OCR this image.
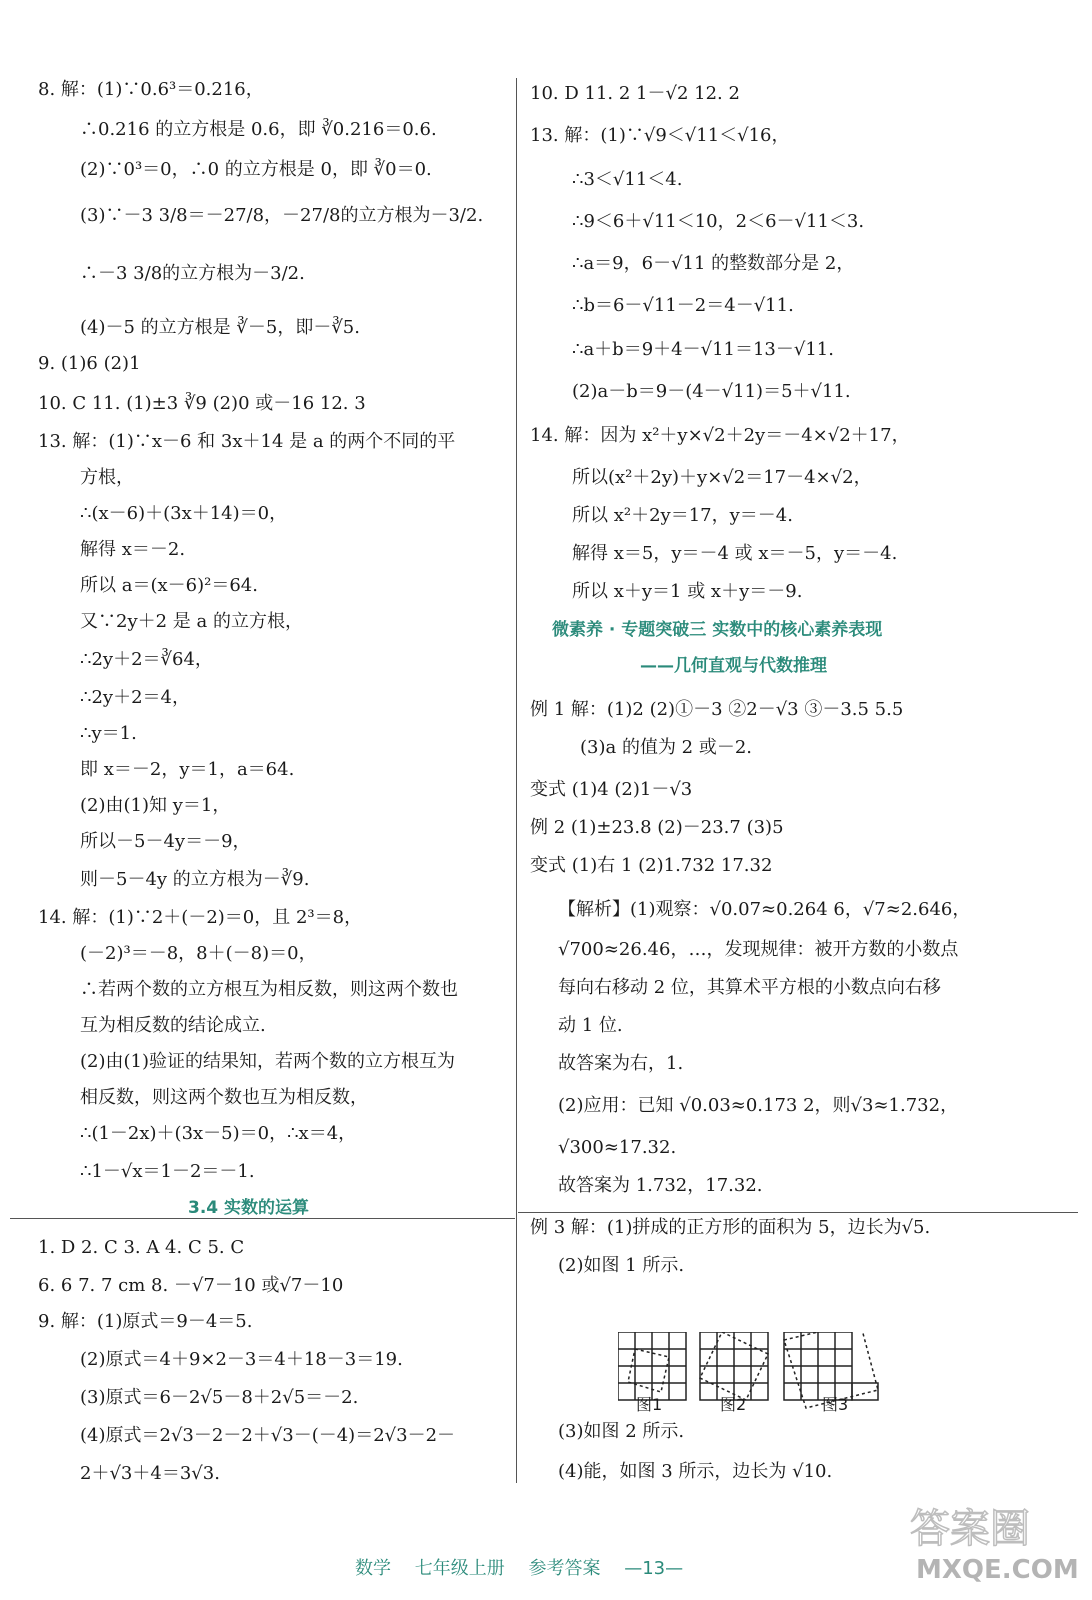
8. 解：(1)∵0.6³＝0.216，
∴0.216 的立方根是 0.6，即 ∛0.216＝0.6.
(2)∵0³＝0，∴0 的立方根是 0，即 ∛0＝0.
(3)∵－3 3/8＝－27/8，－27/8的立方根为－3/2.
∴－3 3/8的立方根为－3/2.
(4)－5 的立方根是 ∛－5，即－∛5.
9. (1)6 (2)1
10. C 11. (1)±3 ∛9 (2)0 或－16 12. 3
13. 解：(1)∵x－6 和 3x＋14 是 a 的两个不同的平
方根，
∴(x－6)＋(3x＋14)＝0，
解得 x＝－2.
所以 a＝(x－6)²＝64.
又∵2y＋2 是 a 的立方根，
∴2y＋2＝∛64，
∴2y＋2＝4，
∴y＝1.
即 x＝－2，y＝1，a＝64.
(2)由(1)知 y＝1，
所以－5－4y＝－9，
则－5－4y 的立方根为－∛9.
14. 解：(1)∵2＋(－2)＝0，且 2³＝8，
(－2)³＝－8，8＋(－8)＝0，
∴若两个数的立方根互为相反数，则这两个数也
互为相反数的结论成立.
(2)由(1)验证的结果知，若两个数的立方根互为
相反数，则这两个数也互为相反数，
∴(1－2x)＋(3x－5)＝0，∴x＝4，
∴1－√x＝1－2＝－1.
1. D 2. C 3. A 4. C 5. C
6. 6 7. 7 cm 8. －√7－10 或√7－10
9. 解：(1)原式＝9－4＝5.
(2)原式＝4＋9×2－3＝4＋18－3＝19.
(3)原式＝6－2√5－8＋2√5＝－2.
(4)原式＝2√3－2－2＋√3－(－4)＝2√3－2－
2＋√3＋4＝3√3.
3.4 实数的运算
10. D 11. 2 1－√2 12. 2
13. 解：(1)∵√9＜√11＜√16，
∴3＜√11＜4.
∴9＜6＋√11＜10，2＜6－√11＜3.
∴a＝9，6－√11 的整数部分是 2，
∴b＝6－√11－2＝4－√11.
∴a＋b＝9＋4－√11＝13－√11.
(2)a－b＝9－(4－√11)＝5＋√11.
14. 解：因为 x²＋y×√2＋2y＝－4×√2＋17，
所以(x²＋2y)＋y×√2＝17－4×√2，
所以 x²＋2y＝17，y＝－4.
解得 x＝5，y＝－4 或 x＝－5，y＝－4.
所以 x＋y＝1 或 x＋y＝－9.
例 1 解：(1)2 (2)①－3 ②2－√3 ③－3.5 5.5
(3)a 的值为 2 或－2.
变式 (1)4 (2)1－√3
例 2 (1)±23.8 (2)－23.7 (3)5
变式 (1)右 1 (2)1.732 17.32
【解析】(1)观察：√0.07≈0.264 6，√7≈2.646，
√700≈26.46，…，发现规律：被开方数的小数点
每向右移动 2 位，其算术平方根的小数点向右移
动 1 位.
故答案为右，1.
(2)应用：已知 √0.03≈0.173 2，则√3≈1.732，
√300≈17.32.
故答案为 1.732，17.32.
例 3 解：(1)拼成的正方形的面积为 5，边长为√5.
(2)如图 1 所示.
(3)如图 2 所示.
(4)能，如图 3 所示，边长为 √10.
微素养 · 专题突破三 实数中的核心素养表现
——几何直观与代数推理
图1	图2	图3
数学 七年级上册 参考答案 —13—
答案圈
MXQE.COM
